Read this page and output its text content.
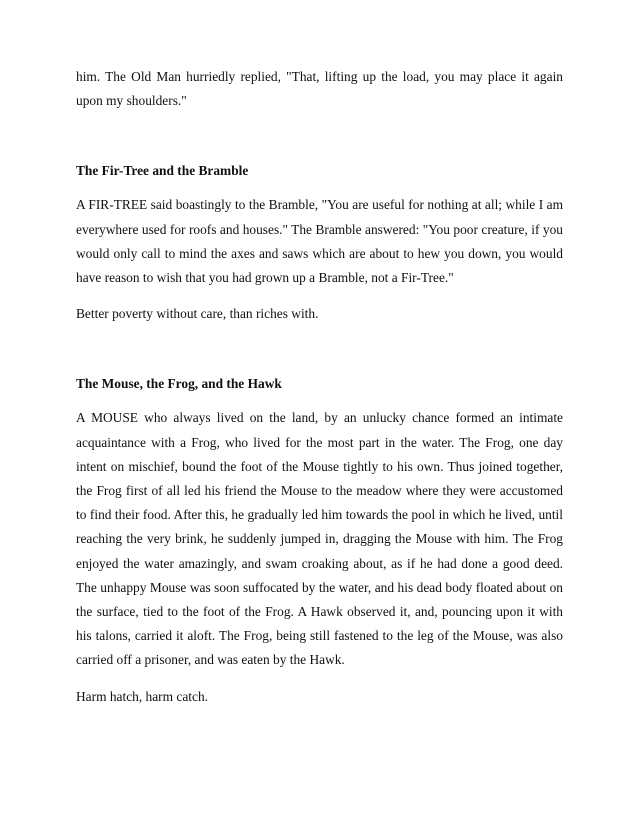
him. The Old Man hurriedly replied, "That, lifting up the load, you may place it again upon my shoulders."

The Fir-Tree and the Bramble

A FIR-TREE said boastingly to the Bramble, "You are useful for nothing at all; while I am everywhere used for roofs and houses." The Bramble answered: "You poor creature, if you would only call to mind the axes and saws which are about to hew you down, you would have reason to wish that you had grown up a Bramble, not a Fir-Tree."

Better poverty without care, than riches with.

The Mouse, the Frog, and the Hawk

A MOUSE who always lived on the land, by an unlucky chance formed an intimate acquaintance with a Frog, who lived for the most part in the water. The Frog, one day intent on mischief, bound the foot of the Mouse tightly to his own. Thus joined together, the Frog first of all led his friend the Mouse to the meadow where they were accustomed to find their food. After this, he gradually led him towards the pool in which he lived, until reaching the very brink, he suddenly jumped in, dragging the Mouse with him. The Frog enjoyed the water amazingly, and swam croaking about, as if he had done a good deed. The unhappy Mouse was soon suffocated by the water, and his dead body floated about on the surface, tied to the foot of the Frog. A Hawk observed it, and, pouncing upon it with his talons, carried it aloft. The Frog, being still fastened to the leg of the Mouse, was also carried off a prisoner, and was eaten by the Hawk.

Harm hatch, harm catch.
